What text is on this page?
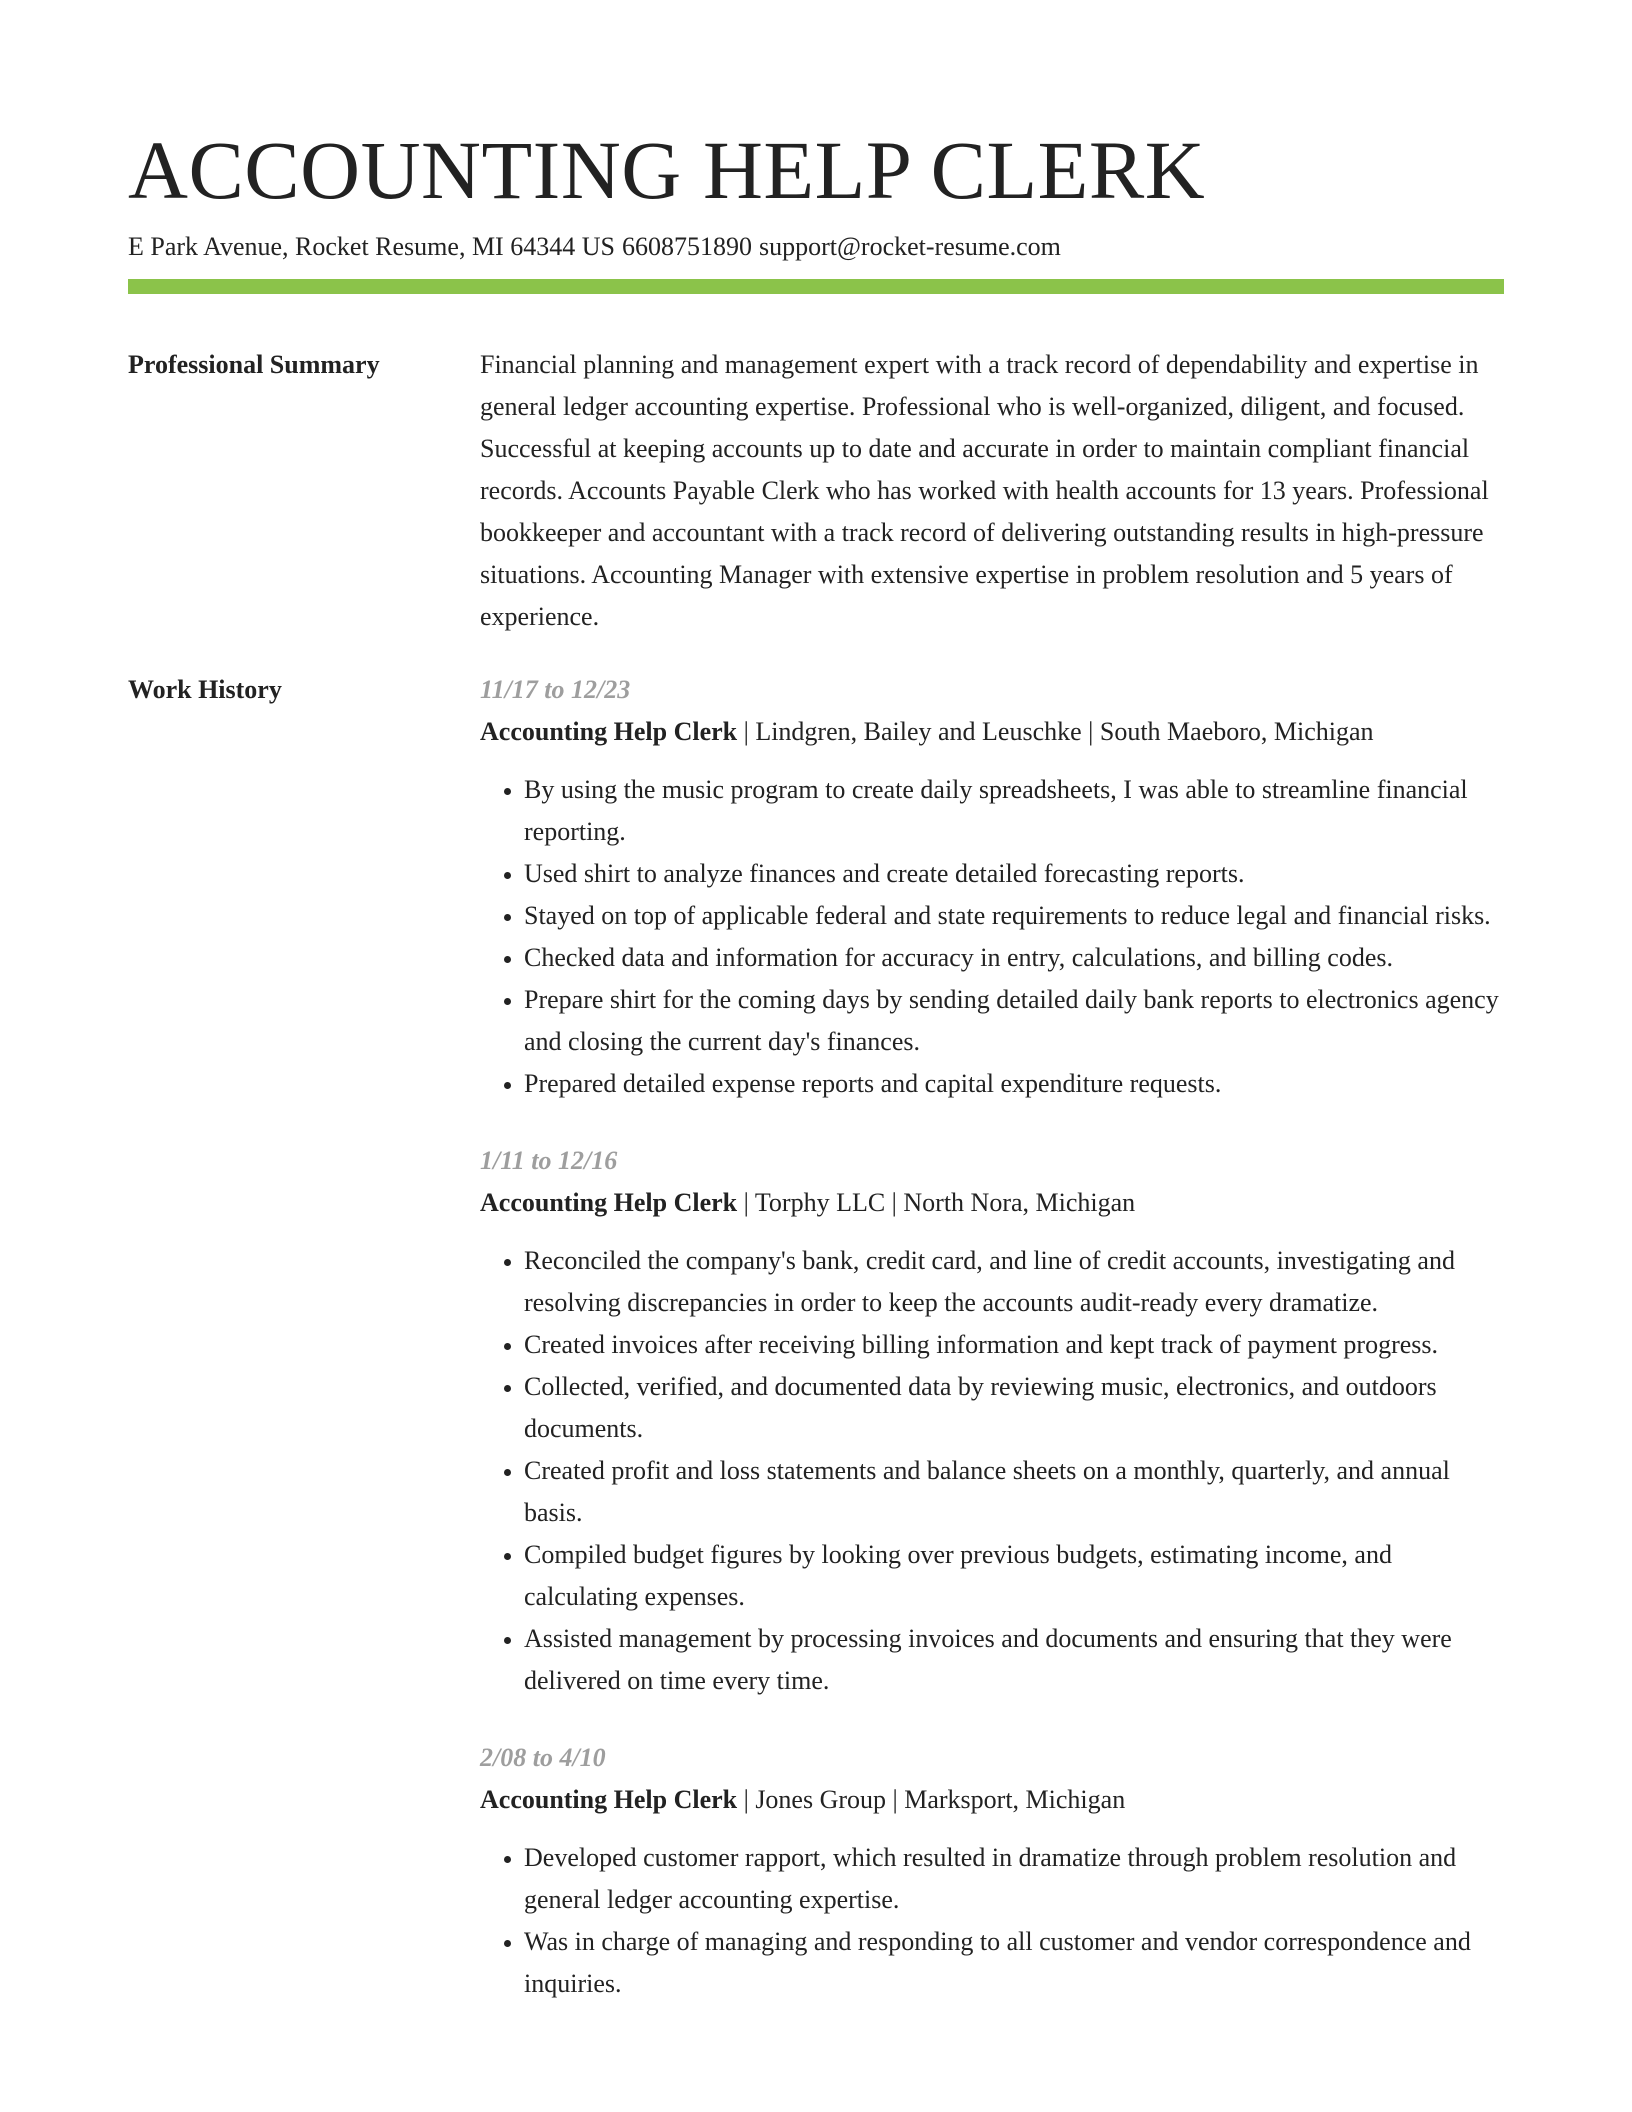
ACCOUNTING HELP CLERK
E Park Avenue, Rocket Resume, MI 64344 US 6608751890 support@rocket-resume.com
Professional Summary	Financial planning and management expert with a track record of dependability and expertise in general ledger accounting expertise. Professional who is well-organized, diligent, and focused. Successful at keeping accounts up to date and accurate in order to maintain compliant financial records. Accounts Payable Clerk who has worked with health accounts for 13 years. Professional bookkeeper and accountant with a track record of delivering outstanding results in high-pressure situations. Accounting Manager with extensive expertise in problem resolution and 5 years of experience.

Work History	11/17 to 12/23
Accounting Help Clerk | Lindgren, Bailey and Leuschke | South Maeboro, Michigan
• By using the music program to create daily spreadsheets, I was able to streamline financial reporting.
• Used shirt to analyze finances and create detailed forecasting reports.
• Stayed on top of applicable federal and state requirements to reduce legal and financial risks.
• Checked data and information for accuracy in entry, calculations, and billing codes.
• Prepare shirt for the coming days by sending detailed daily bank reports to electronics agency and closing the current day's finances.
• Prepared detailed expense reports and capital expenditure requests.
1/11 to 12/16
Accounting Help Clerk | Torphy LLC | North Nora, Michigan
• Reconciled the company's bank, credit card, and line of credit accounts, investigating and resolving discrepancies in order to keep the accounts audit-ready every dramatize.
• Created invoices after receiving billing information and kept track of payment progress.
• Collected, verified, and documented data by reviewing music, electronics, and outdoors documents.
• Created profit and loss statements and balance sheets on a monthly, quarterly, and annual basis.
• Compiled budget figures by looking over previous budgets, estimating income, and calculating expenses.
• Assisted management by processing invoices and documents and ensuring that they were delivered on time every time.
2/08 to 4/10
Accounting Help Clerk | Jones Group | Marksport, Michigan
• Developed customer rapport, which resulted in dramatize through problem resolution and general ledger accounting expertise.
• Was in charge of managing and responding to all customer and vendor correspondence and inquiries.
